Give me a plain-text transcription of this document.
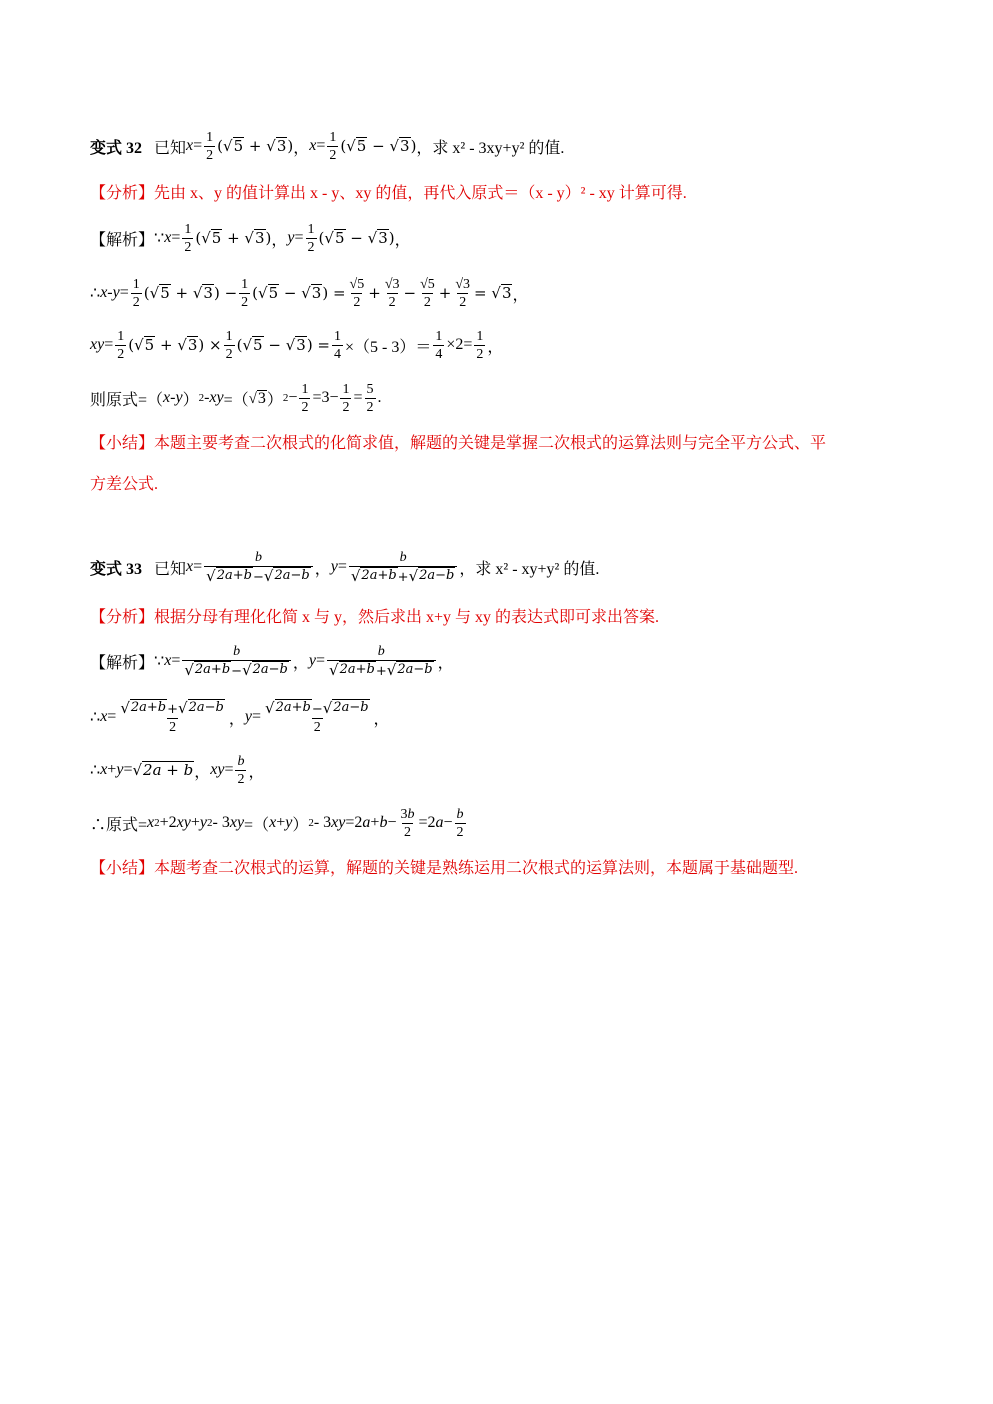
变式 32 已知 $x = \frac{1}{2}$ ( √ 5 + √ 3 ) ， $x = \frac{1}{2}$ ( √ 5 − √ 3 ) ，求 x² - 3xy+y² 的值.
【分析】 先由 x、y 的值计算出 x - y、xy 的值，再代入原式＝（x - y）² - xy 计算可得.
【解析】 ∵ $x = \frac{1}{2}$ ( √ 5 + √ 3 ) ， $y = \frac{1}{2}$ ( √ 5 − √ 3 ) ，
∴ $x - y = \frac{1}{2}$ ( √ 5 + √ 3 ) − $\frac{1}{2}$ ( √ 5 − √ 3 ) = $\frac{√5}{2} + \frac{√3}{2} - \frac{√5}{2} + \frac{√3}{2}$ = √ 3 ，
xy = $\frac{1}{2}$ ( √ 5 + √ 3 ) × $\frac{1}{2}$ ( √ 5 − √ 3 ) = $\frac{1}{4} \times(5 - 3)= \frac{1}{4} \times 2= \frac{1}{2}$ ，
则原式=（ x - y ） 2 - xy =（ √ 3 ） $2 - \frac{1}{2} =3- \frac{1}{2} = \frac{5}{2}$ .
【小结】 本题主要考查二次根式的化简求值，解题的关键是掌握二次根式的运算法则与完全平方公式、平
方差公式.
变式 33 已知 $x = \frac{b}{√ 2a+b - √ 2a-b}$ ， $y = \frac{b}{√ 2a+b + √ 2a-b}$ ，求 x² - xy+y² 的值.
【分析】 根据分母有理化化简 x 与 y，然后求出 x+y 与 xy 的表达式即可求出答案.
【解析】 ∵ $x = \frac{b}{√ 2a+b - √ 2a-b}$ ， $y = \frac{b}{√ 2a+b + √ 2a-b}$ ，
∴ $x = \frac{√ 2a+b + √ 2a-b}{2}$ ， $y = \frac{√ 2a+b - √ 2a-b}{2}$ ，
∴ x + y = √ 2a + b ， xy = $\frac{b}{2}$ ，
∴原式= x 2 +2 xy + y 2 - 3 xy =（ x + y ） 2 - 3 xy =2 $a + b - \frac{3b}{2} =2$ $a - \frac{b}{2}$
【小结】 本题考查二次根式的运算，解题的关键是熟练运用二次根式的运算法则，本题属于基础题型.
